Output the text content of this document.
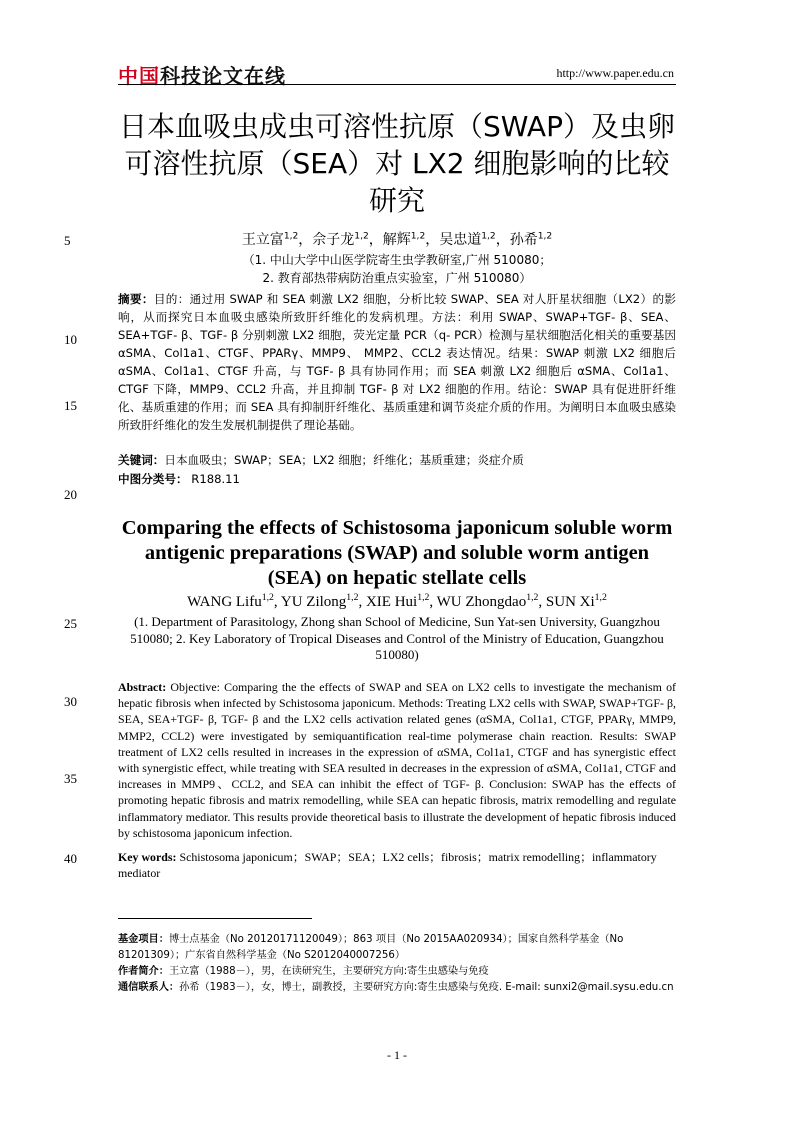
中国科技论文在线	http://www.paper.edu.cn
日本血吸虫成虫可溶性抗原（SWAP）及虫卵可溶性抗原（SEA）对 LX2 细胞影响的比较研究
5
10
15
20
25
30
35
40
王立富$^{1,2}$，佘子龙$^{1,2}$，解辉$^{1,2}$，吴忠道$^{1,2}$，孙希$^{1,2}$
（1. 中山大学中山医学院寄生虫学教研室,广州 510080；
2. 教育部热带病防治重点实验室，广州 510080）
摘要：目的：通过用 SWAP 和 SEA 刺激 LX2 细胞，分析比较 SWAP、SEA 对人肝星状细胞（LX2）的影响，从而探究日本血吸虫感染所致肝纤维化的发病机理。方法：利用 SWAP、SWAP+TGF- β、SEA、SEA+TGF- β、TGF- β 分别刺激 LX2 细胞，荧光定量 PCR（q- PCR）检测与星状细胞活化相关的重要基因 αSMA、Col1a1、CTGF、PPARγ、MMP9、 MMP2、CCL2 表达情况。结果：SWAP 刺激 LX2 细胞后 αSMA、Col1a1、CTGF 升高，与 TGF- β 具有协同作用；而 SEA 刺激 LX2 细胞后 αSMA、Col1a1、CTGF 下降，MMP9、CCL2 升高，并且抑制 TGF- β 对 LX2 细胞的作用。结论：SWAP 具有促进肝纤维化、基质重建的作用；而 SEA 具有抑制肝纤维化、基质重建和调节炎症介质的作用。为阐明日本血吸虫感染所致肝纤维化的发生发展机制提供了理论基础。
关键词：日本血吸虫；SWAP；SEA；LX2 细胞；纤维化；基质重建；炎症介质
中图分类号： R188.11
Comparing the effects of Schistosoma japonicum soluble worm antigenic preparations (SWAP) and soluble worm antigen (SEA) on hepatic stellate cells
WANG Lifu$^{1,2}$, YU Zilong$^{1,2}$, XIE Hui$^{1,2}$, WU Zhongdao$^{1,2}$, SUN Xi$^{1,2}$
(1. Department of Parasitology, Zhong shan School of Medicine, Sun Yat-sen University, Guangzhou 510080; 2. Key Laboratory of Tropical Diseases and Control of the Ministry of Education, Guangzhou 510080)
Abstract: Objective: Comparing the the effects of SWAP and SEA on LX2 cells to investigate the mechanism of hepatic fibrosis when infected by Schistosoma japonicum. Methods: Treating LX2 cells with SWAP, SWAP+TGF- β, SEA, SEA+TGF- β, TGF- β and the LX2 cells activation related genes (αSMA, Col1a1, CTGF, PPARγ, MMP9, MMP2, CCL2) were investigated by semiquantification real-time polymerase chain reaction. Results: SWAP treatment of LX2 cells resulted in increases in the expression of αSMA, Col1a1, CTGF and has synergistic effect with synergistic effect, while treating with SEA resulted in decreases in the expression of αSMA, Col1a1, CTGF and increases in MMP9、CCL2, and SEA can inhibit the effect of TGF- β. Conclusion: SWAP has the effects of promoting hepatic fibrosis and matrix remodelling, while SEA can hepatic fibrosis, matrix remodelling and regulate inflammatory mediator. This results provide theoretical basis to illustrate the development of hepatic fibrosis induced by schistosoma japonicum infection.
Key words: Schistosoma japonicum；SWAP；SEA；LX2 cells；fibrosis；matrix remodelling；inflammatory mediator
基金项目：博士点基金（No 20120171120049）；863 项目（No 2015AA020934）；国家自然科学基金（No 81201309）；广东省自然科学基金（No S2012040007256）
作者简介：王立富（1988－），男，在读研究生，主要研究方向:寄生虫感染与免疫
通信联系人：孙希（1983－），女，博士，副教授，主要研究方向:寄生虫感染与免疫. E-mail: sunxi2@mail.sysu.edu.cn
- 1 -
